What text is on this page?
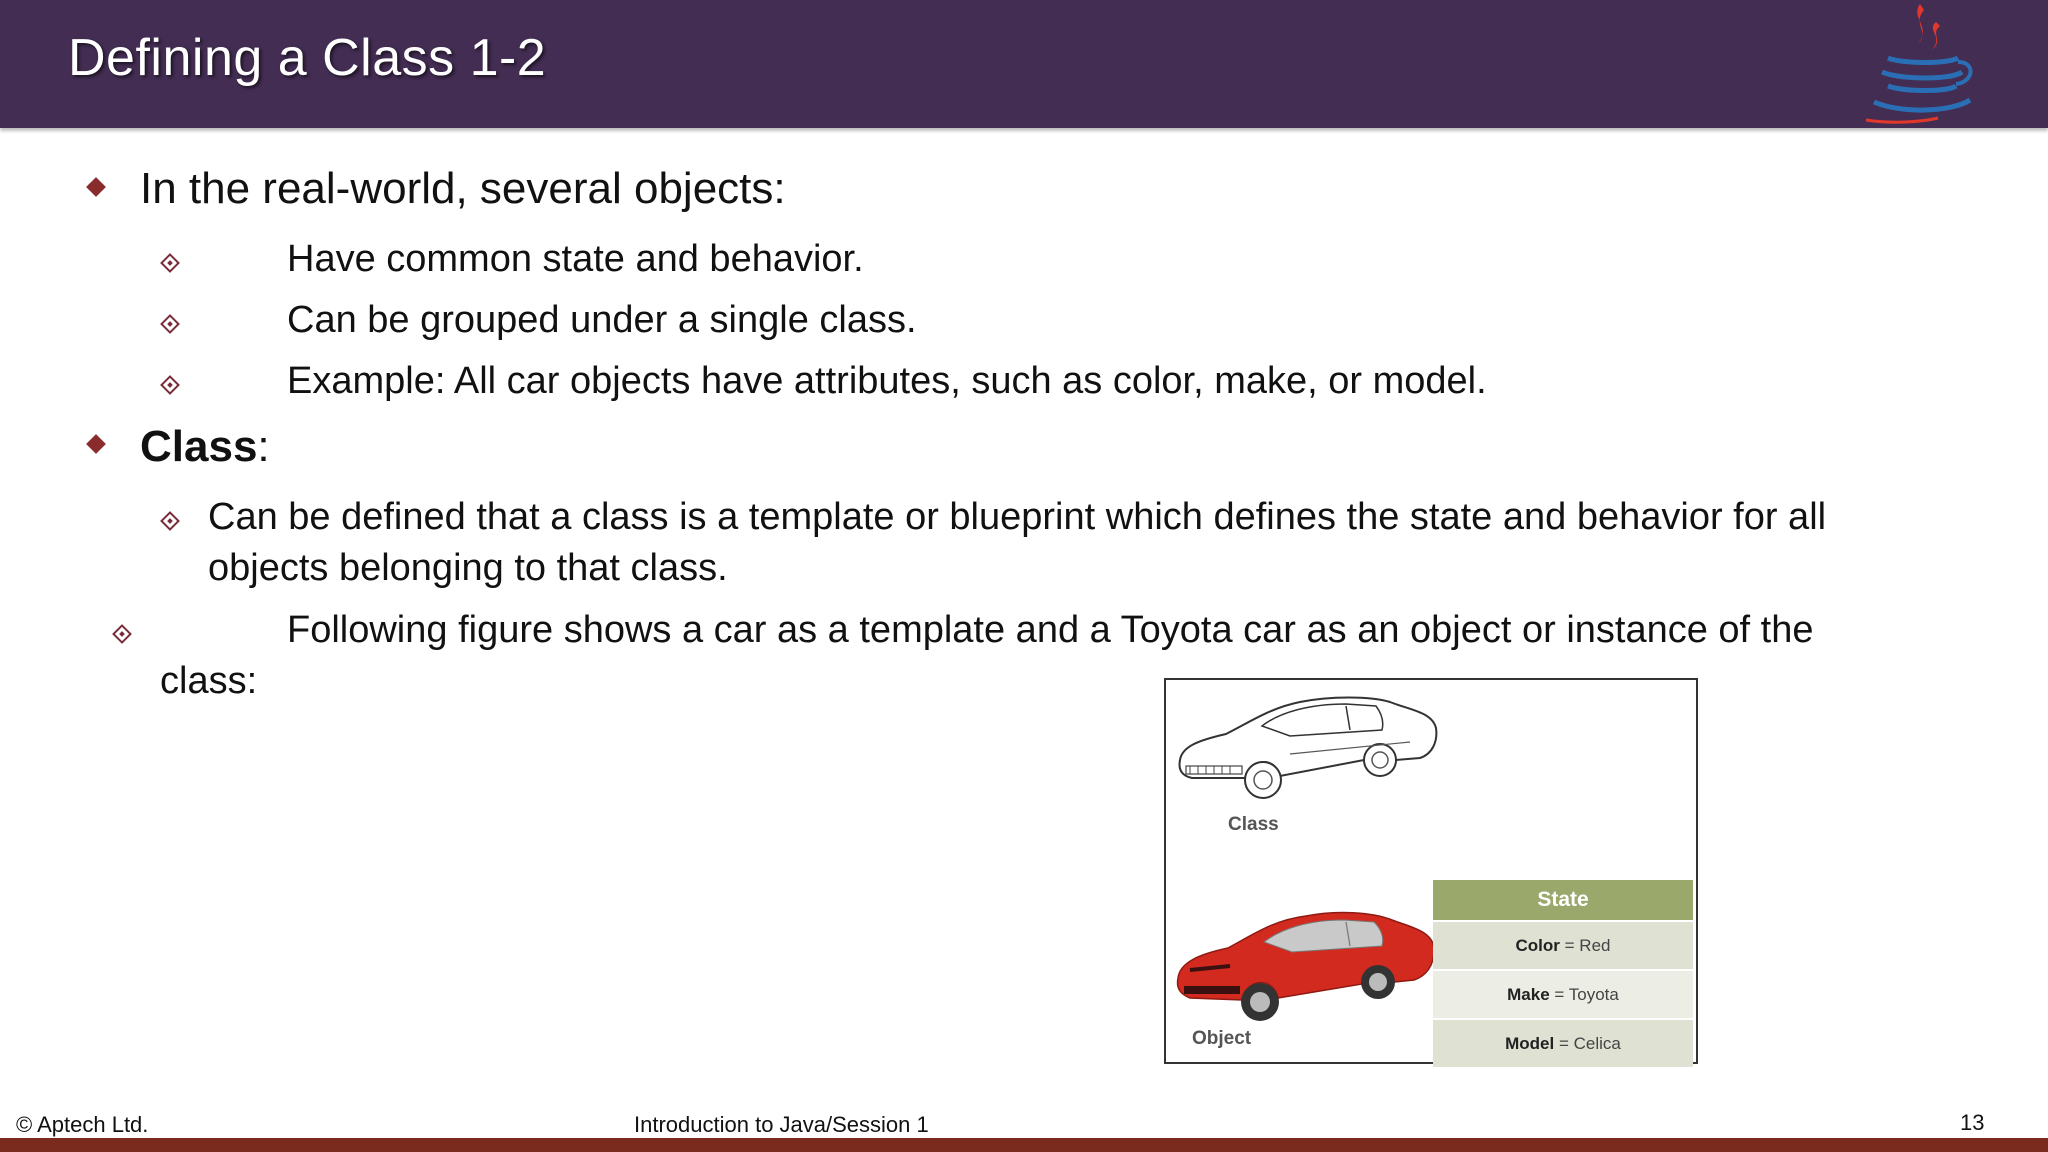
Defining a Class 1-2
In the real-world, several objects:
Have common state and behavior.
Can be grouped under a single class.
Example: All car objects have attributes, such as color, make, or model.
Class:
Can be defined that a class is a template or blueprint which defines the state and behavior for all
objects belonging to that class.
Following figure shows a car as a template and a Toyota car as an object or instance of the
class:
Class
Object
State
Color = Red
Make = Toyota
Model = Celica
© Aptech Ltd.	Introduction to Java/Session 1	13
